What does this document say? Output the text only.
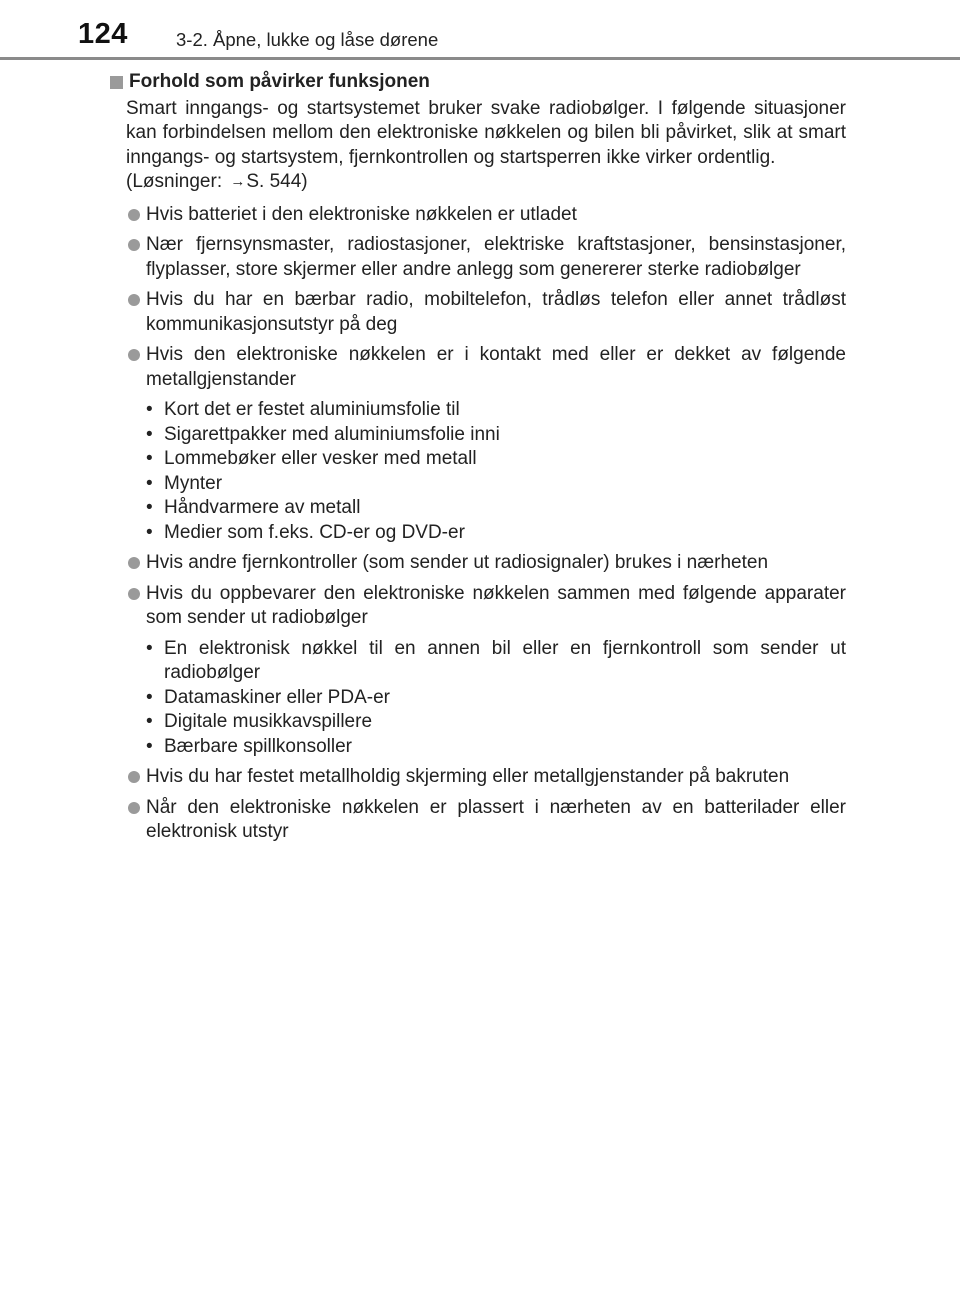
124	3-2. Åpne, lukke og låse dørene
Forhold som påvirker funksjonen
Smart inngangs- og startsystemet bruker svake radiobølger. I følgende situasjoner kan forbindelsen mellom den elektroniske nøkkelen og bilen bli påvirket, slik at smart inngangs- og startsystem, fjernkontrollen og startsperren ikke virker ordentlig.
(Løsninger: →S. 544)
Hvis batteriet i den elektroniske nøkkelen er utladet
Nær fjernsynsmaster, radiostasjoner, elektriske kraftstasjoner, bensinstasjoner, flyplasser, store skjermer eller andre anlegg som genererer sterke radiobølger
Hvis du har en bærbar radio, mobiltelefon, trådløs telefon eller annet trådløst kommunikasjonsutstyr på deg
Hvis den elektroniske nøkkelen er i kontakt med eller er dekket av følgende metallgjenstander
• Kort det er festet aluminiumsfolie til
• Sigarettpakker med aluminiumsfolie inni
• Lommebøker eller vesker med metall
• Mynter
• Håndvarmere av metall
• Medier som f.eks. CD-er og DVD-er
Hvis andre fjernkontroller (som sender ut radiosignaler) brukes i nærheten
Hvis du oppbevarer den elektroniske nøkkelen sammen med følgende apparater som sender ut radiobølger
• En elektronisk nøkkel til en annen bil eller en fjernkontroll som sender ut radiobølger
• Datamaskiner eller PDA-er
• Digitale musikkavspillere
• Bærbare spillkonsoller
Hvis du har festet metallholdig skjerming eller metallgjenstander på bakruten
Når den elektroniske nøkkelen er plassert i nærheten av en batterilader eller elektronisk utstyr
